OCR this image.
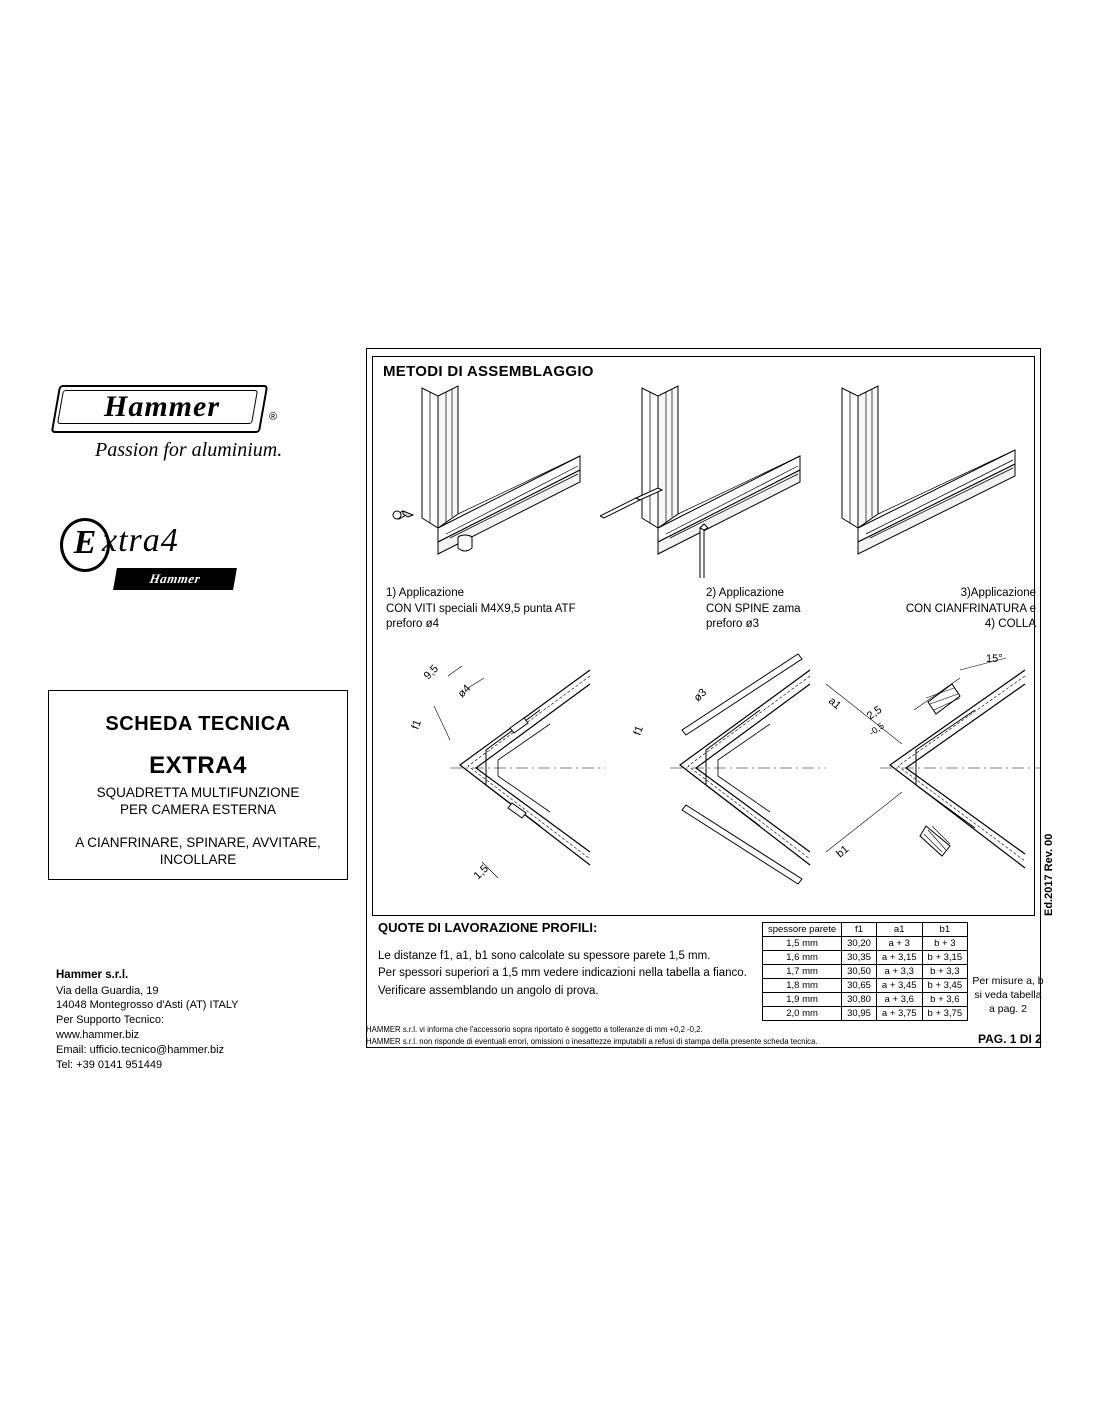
Hammer	®
Passion for aluminium.
E xtra4
Hammer
SCHEDA TECNICA
EXTRA4
SQUADRETTA MULTIFUNZIONE
PER CAMERA ESTERNA
A CIANFRINARE, SPINARE, AVVITARE,
INCOLLARE
Hammer s.r.l.
Via della Guardia, 19
14048 Montegrosso d'Asti (AT) ITALY
Per Supporto Tecnico:
www.hammer.biz
Email: ufficio.tecnico@hammer.biz
Tel: +39 0141 951449
METODI DI ASSEMBLAGGIO
1) Applicazione
CON VITI speciali M4X9,5 punta ATF
preforo ø4
2) Applicazione
CON SPINE zama
preforo ø3
3)Applicazione
CON CIANFRINATURA e
4) COLLA
9,5
ø4
f1
1,5
ø3
f1
a1
b1
2,5
-0,5
15°
QUOTE DI LAVORAZIONE PROFILI:
Le distanze f1, a1, b1 sono calcolate su spessore parete 1,5 mm.
Per spessori superiori a 1,5 mm vedere indicazioni nella tabella a fianco.
Verificare assemblando un angolo di prova.
spessore parete	f1	a1	b1
1,5 mm	30,20	a + 3	b + 3
1,6 mm	30,35	a + 3,15	b + 3,15
1,7 mm	30,50	a + 3,3	b + 3,3
1,8 mm	30,65	a + 3,45	b + 3,45
1,9 mm	30,80	a + 3,6	b + 3,6
2,0 mm	30,95	a + 3,75	b + 3,75
Per misure a, b
si veda tabella
a pag. 2
HAMMER s.r.l. vi informa che l'accessorio sopra riportato è soggetto a tolleranze di mm +0,2 -0,2.
HAMMER s.r.l. non risponde di eventuali errori, omissioni o inesattezze imputabili a refusi di stampa della presente scheda tecnica.	PAG. 1 DI 2
Ed.2017 Rev. 00
